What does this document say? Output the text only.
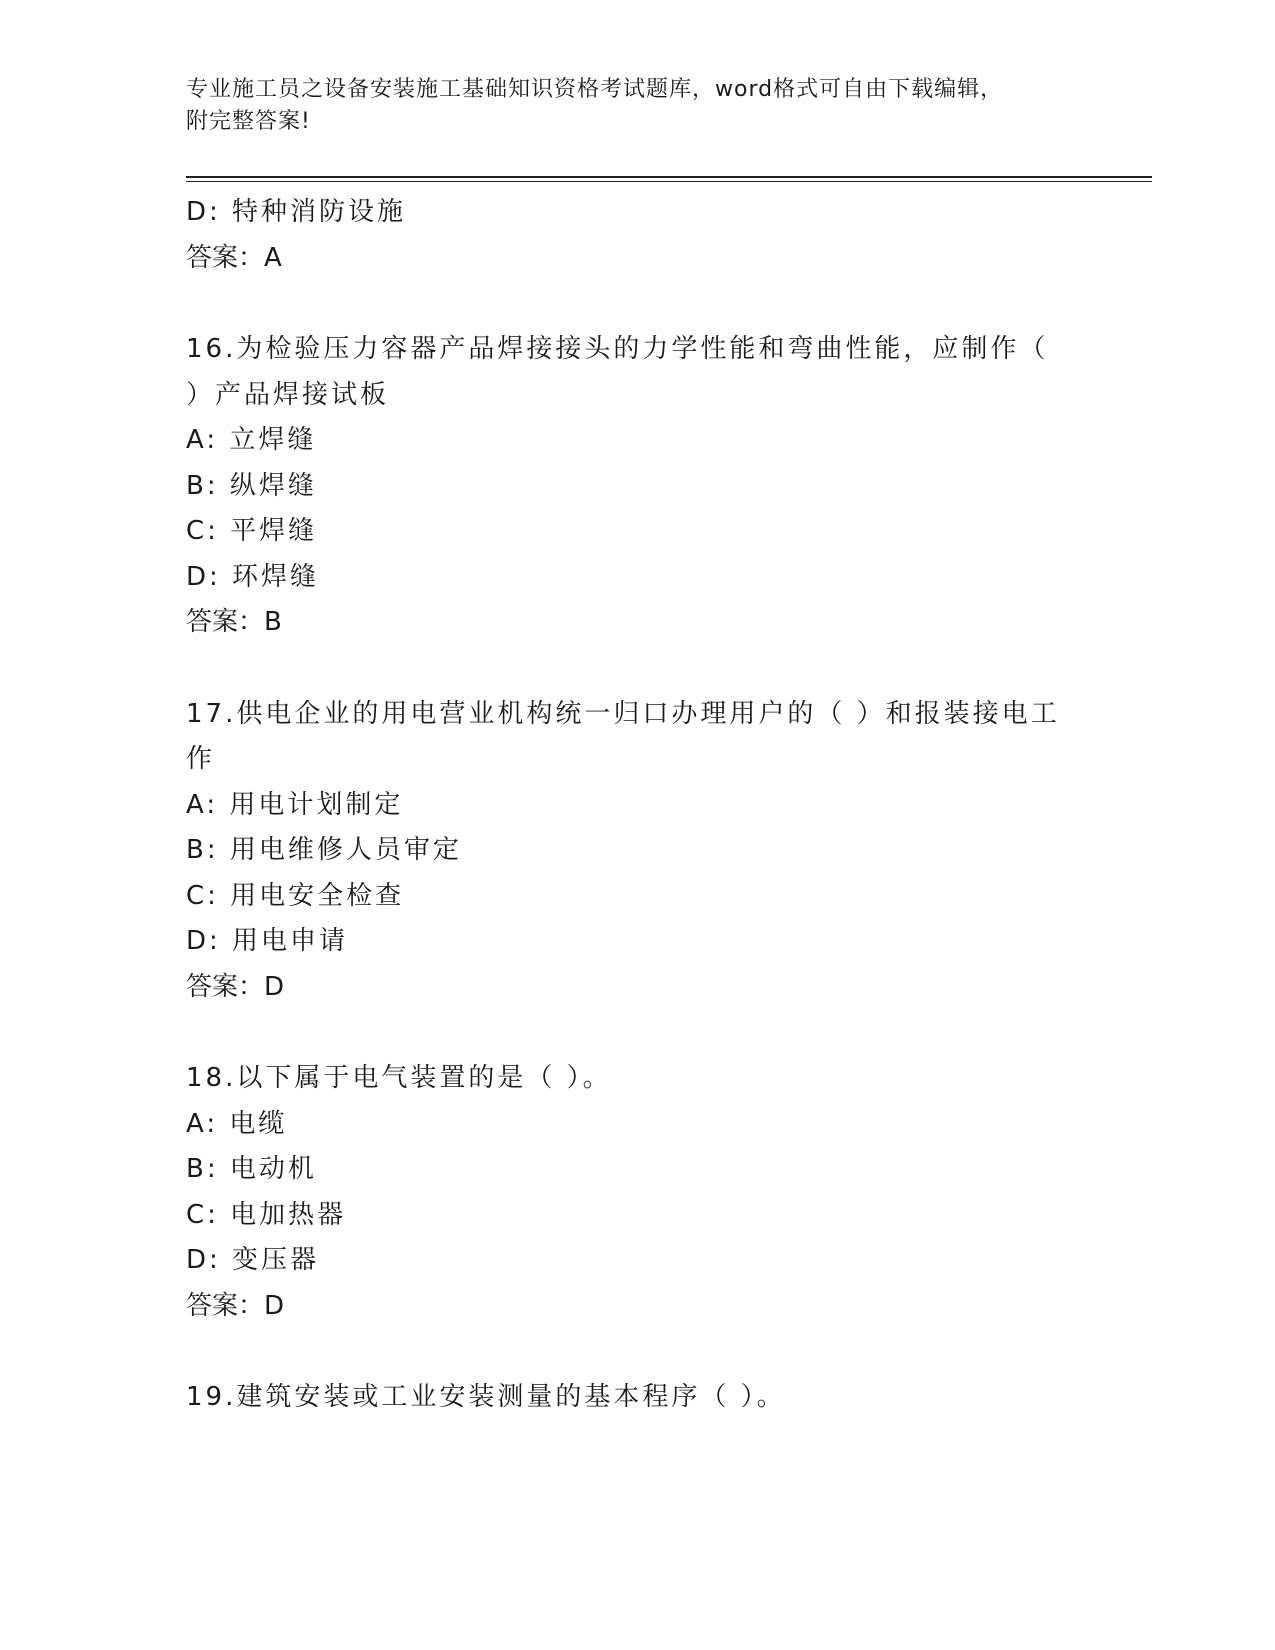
专业施工员之设备安装施工基础知识资格考试题库，word格式可自由下载编辑，
附完整答案!
D: 特种消防设施
答案：A
16.为检验压力容器产品焊接接头的力学性能和弯曲性能，应制作（
）产品焊接试板
A: 立焊缝
B: 纵焊缝
C: 平焊缝
D: 环焊缝
答案：B
17.供电企业的用电营业机构统一归口办理用户的（ ）和报装接电工
作
A: 用电计划制定
B: 用电维修人员审定
C: 用电安全检查
D: 用电申请
答案：D
18.以下属于电气装置的是（ ）。
A: 电缆
B: 电动机
C: 电加热器
D: 变压器
答案：D
19.建筑安装或工业安装测量的基本程序（ ）。
